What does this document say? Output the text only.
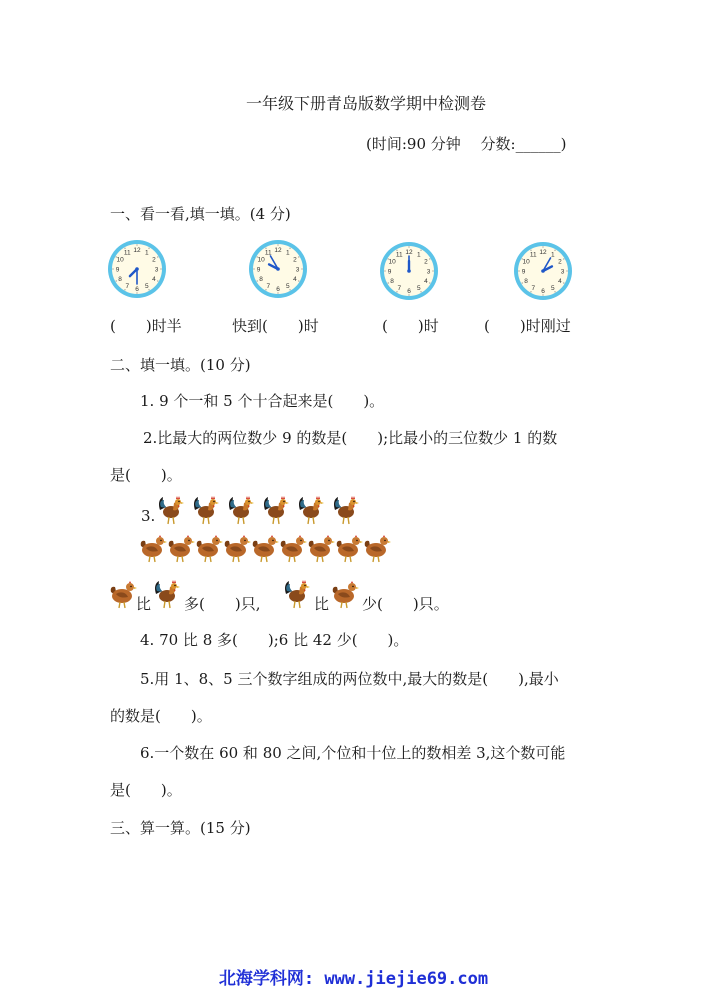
一年级下册青岛版数学期中检测卷
(时间:90 分钟　 分数:______)
一、看一看,填一填。(4 分)
1
2
3
4
5
6
7
8
9
10
11 12	1
2
3
4
5
6
7
8
9
10
11 12
1
2
3
4
5
6
7
8
9
10
11 12	1
2
3
4
5
6
7
8
9
10
11 12
(　　)时半	快到(　　)时	(　　)时	(　　)时刚过
二、填一填。(10 分)
1. 9 个一和 5 个十合起来是(　　)。
2.比最大的两位数少 9 的数是(　　);比最小的三位数少 1 的数
是(　　)。
3.
比 多(　　)只,	比 少(　　)只。
4. 70 比 8 多(　　);6 比 42 少(　　)。
5.用 1、8、5 三个数字组成的两位数中,最大的数是(　　),最小
的数是(　　)。
6.一个数在 60 和 80 之间,个位和十位上的数相差 3,这个数可能
是(　　)。
三、算一算。(15 分)
北海学科网: www.jiejie69.com
